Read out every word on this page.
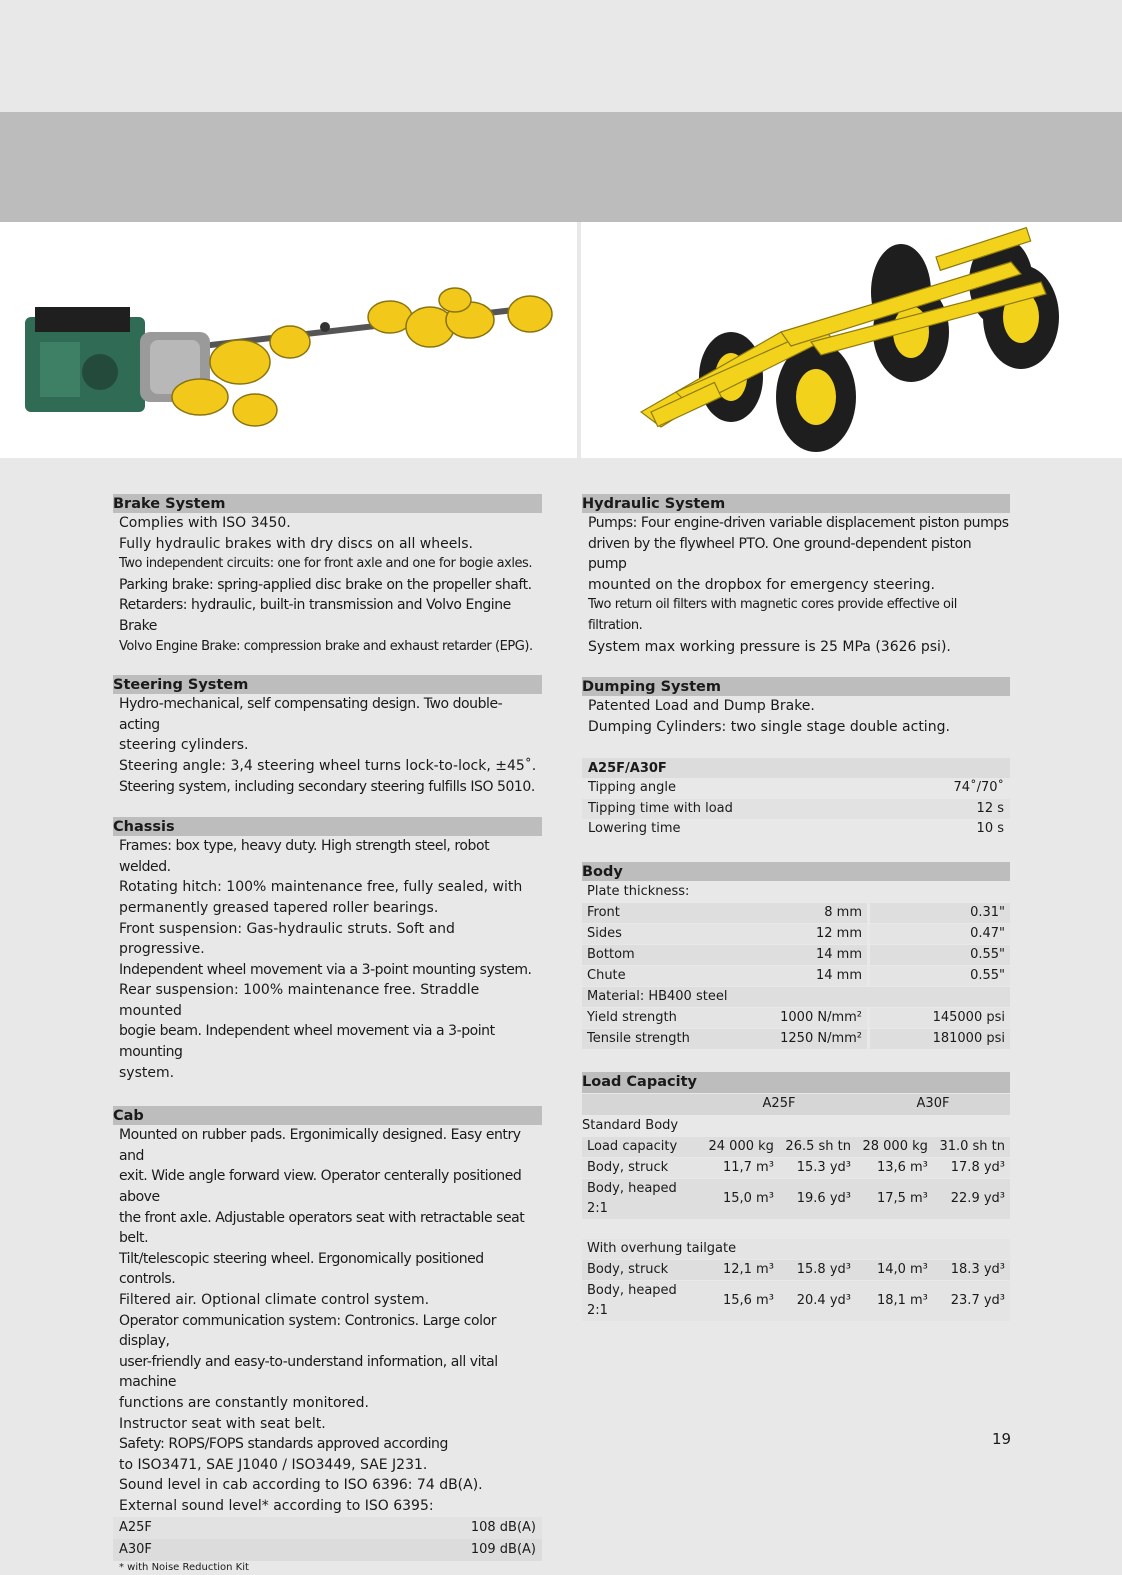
Brake System

Complies with ISO 3450.

Fully hydraulic brakes with dry discs on all wheels.

Two independent circuits: one for front axle and one for bogie axles.

Parking brake: spring-applied disc brake on the propeller shaft.

Retarders: hydraulic, built-in transmission and Volvo Engine Brake

Volvo Engine Brake: compression brake and exhaust retarder (EPG).

Steering System

Hydro-mechanical, self compensating design. Two double-acting

steering cylinders.

Steering angle: 3,4 steering wheel turns lock-to-lock, ±45˚.

Steering system, including secondary steering fulfills ISO 5010.

Chassis

Frames: box type, heavy duty. High strength steel, robot welded.

Rotating hitch: 100% maintenance free, fully sealed, with

permanently greased tapered roller bearings.

Front suspension: Gas-hydraulic struts. Soft and progressive.

Independent wheel movement via a 3-point mounting system.

Rear suspension: 100% maintenance free. Straddle mounted

bogie beam. Independent wheel movement via a 3-point mounting

system.

Cab

Mounted on rubber pads. Ergonimically designed. Easy entry and

exit. Wide angle forward view. Operator centerally positioned above

the front axle. Adjustable operators seat with retractable seat belt.

Tilt/telescopic steering wheel. Ergonomically positioned controls.

Filtered air. Optional climate control system.

Operator communication system: Contronics. Large color display,

user-friendly and easy-to-understand information, all vital machine

functions are constantly monitored.

Instructor seat with seat belt.

Safety: ROPS/FOPS standards approved according

to ISO3471, SAE J1040 / ISO3449, SAE J231.

Sound level in cab according to ISO 6396: 74 dB(A).

External sound level* according to ISO 6395:

A25F	108 dB(A)
A30F	109 dB(A)
* with Noise Reduction Kit
Hydraulic System

Pumps: Four engine-driven variable displacement piston pumps

driven by the flywheel PTO. One ground-dependent piston pump

mounted on the dropbox for emergency steering.

Two return oil filters with magnetic cores provide effective oil filtration.

System max working pressure is 25 MPa (3626 psi).

Dumping System

Patented Load and Dump Brake.

Dumping Cylinders: two single stage double acting.

A25F/A30F
Tipping angle	74˚/70˚
Tipping time with load	12 s
Lowering time	10 s
Body
Plate thickness:		
Front	8 mm	0.31"
Sides	12 mm	0.47"
Bottom	14 mm	0.55"
Chute	14 mm	0.55"
Material: HB400 steel		
Yield strength	1000 N/mm²	145000 psi
Tensile strength	1250 N/mm²	181000 psi
Load Capacity
	A25F		A30F	
Standard Body				
Load capacity	24 000 kg	26.5 sh tn	28 000 kg	31.0 sh tn
Body, struck	11,7 m³	15.3 yd³	13,6 m³	17.8 yd³
Body, heaped 2:1	15,0 m³	19.6 yd³	17,5 m³	22.9 yd³

With overhung tailgate				
Body, struck	12,1 m³	15.8 yd³	14,0 m³	18.3 yd³
Body, heaped 2:1	15,6 m³	20.4 yd³	18,1 m³	23.7 yd³
19
